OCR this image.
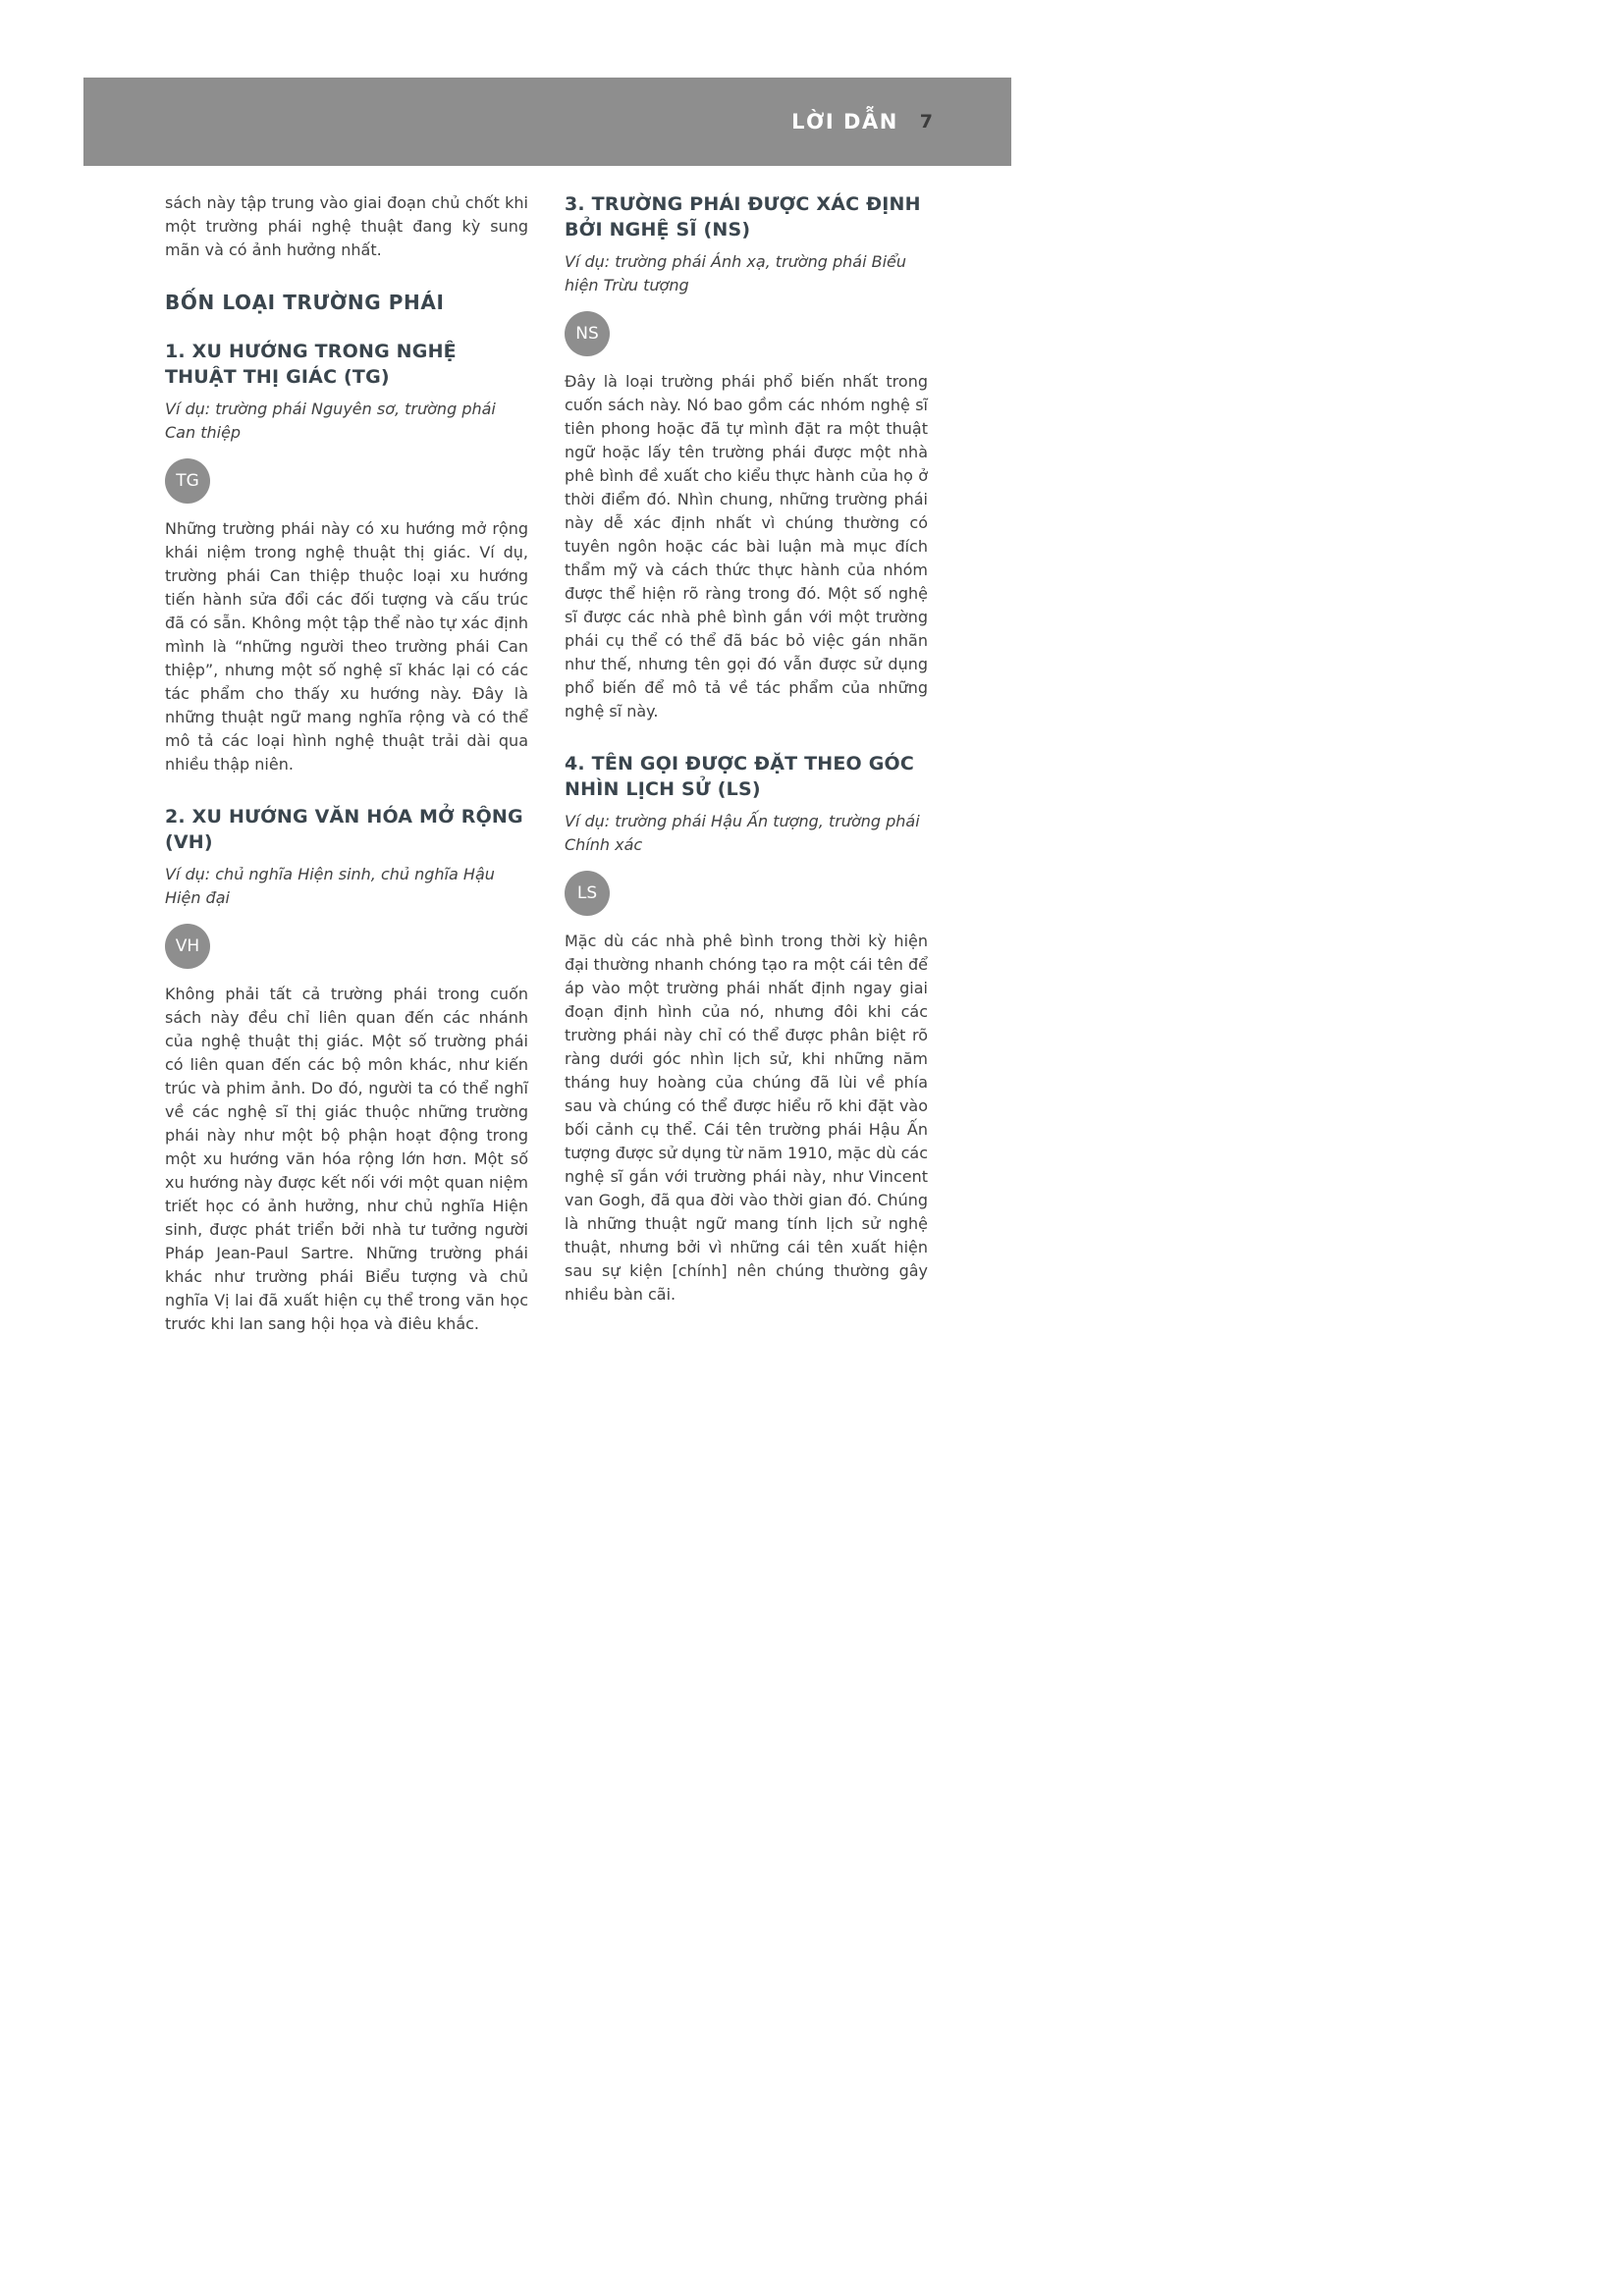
LỜI DẪN 7

sách này tập trung vào giai đoạn chủ chốt khi một trường phái nghệ thuật đang kỳ sung mãn và có ảnh hưởng nhất.

BỐN LOẠI TRƯỜNG PHÁI
1. XU HƯỚNG TRONG NGHỆ THUẬT THỊ GIÁC (TG)

Ví dụ: trường phái Nguyên sơ, trường phái Can thiệp

TG

Những trường phái này có xu hướng mở rộng khái niệm trong nghệ thuật thị giác. Ví dụ, trường phái Can thiệp thuộc loại xu hướng tiến hành sửa đổi các đối tượng và cấu trúc đã có sẵn. Không một tập thể nào tự xác định mình là “những người theo trường phái Can thiệp”, nhưng một số nghệ sĩ khác lại có các tác phẩm cho thấy xu hướng này. Đây là những thuật ngữ mang nghĩa rộng và có thể mô tả các loại hình nghệ thuật trải dài qua nhiều thập niên.

2. XU HƯỚNG VĂN HÓA MỞ RỘNG (VH)

Ví dụ: chủ nghĩa Hiện sinh, chủ nghĩa Hậu Hiện đại

VH

Không phải tất cả trường phái trong cuốn sách này đều chỉ liên quan đến các nhánh của nghệ thuật thị giác. Một số trường phái có liên quan đến các bộ môn khác, như kiến trúc và phim ảnh. Do đó, người ta có thể nghĩ về các nghệ sĩ thị giác thuộc những trường phái này như một bộ phận hoạt động trong một xu hướng văn hóa rộng lớn hơn. Một số xu hướng này được kết nối với một quan niệm triết học có ảnh hưởng, như chủ nghĩa Hiện sinh, được phát triển bởi nhà tư tưởng người Pháp Jean-Paul Sartre. Những trường phái khác như trường phái Biểu tượng và chủ nghĩa Vị lai đã xuất hiện cụ thể trong văn học trước khi lan sang hội họa và điêu khắc.

3. TRƯỜNG PHÁI ĐƯỢC XÁC ĐỊNH BỞI NGHỆ SĨ (NS)

Ví dụ: trường phái Ánh xạ, trường phái Biểu hiện Trừu tượng

NS

Đây là loại trường phái phổ biến nhất trong cuốn sách này. Nó bao gồm các nhóm nghệ sĩ tiên phong hoặc đã tự mình đặt ra một thuật ngữ hoặc lấy tên trường phái được một nhà phê bình đề xuất cho kiểu thực hành của họ ở thời điểm đó. Nhìn chung, những trường phái này dễ xác định nhất vì chúng thường có tuyên ngôn hoặc các bài luận mà mục đích thẩm mỹ và cách thức thực hành của nhóm được thể hiện rõ ràng trong đó. Một số nghệ sĩ được các nhà phê bình gắn với một trường phái cụ thể có thể đã bác bỏ việc gán nhãn như thế, nhưng tên gọi đó vẫn được sử dụng phổ biến để mô tả về tác phẩm của những nghệ sĩ này.

4. TÊN GỌI ĐƯỢC ĐẶT THEO GÓC NHÌN LỊCH SỬ (LS)

Ví dụ: trường phái Hậu Ấn tượng, trường phái Chính xác

LS

Mặc dù các nhà phê bình trong thời kỳ hiện đại thường nhanh chóng tạo ra một cái tên để áp vào một trường phái nhất định ngay giai đoạn định hình của nó, nhưng đôi khi các trường phái này chỉ có thể được phân biệt rõ ràng dưới góc nhìn lịch sử, khi những năm tháng huy hoàng của chúng đã lùi về phía sau và chúng có thể được hiểu rõ khi đặt vào bối cảnh cụ thể. Cái tên trường phái Hậu Ấn tượng được sử dụng từ năm 1910, mặc dù các nghệ sĩ gắn với trường phái này, như Vincent van Gogh, đã qua đời vào thời gian đó. Chúng là những thuật ngữ mang tính lịch sử nghệ thuật, nhưng bởi vì những cái tên xuất hiện sau sự kiện [chính] nên chúng thường gây nhiều bàn cãi.
